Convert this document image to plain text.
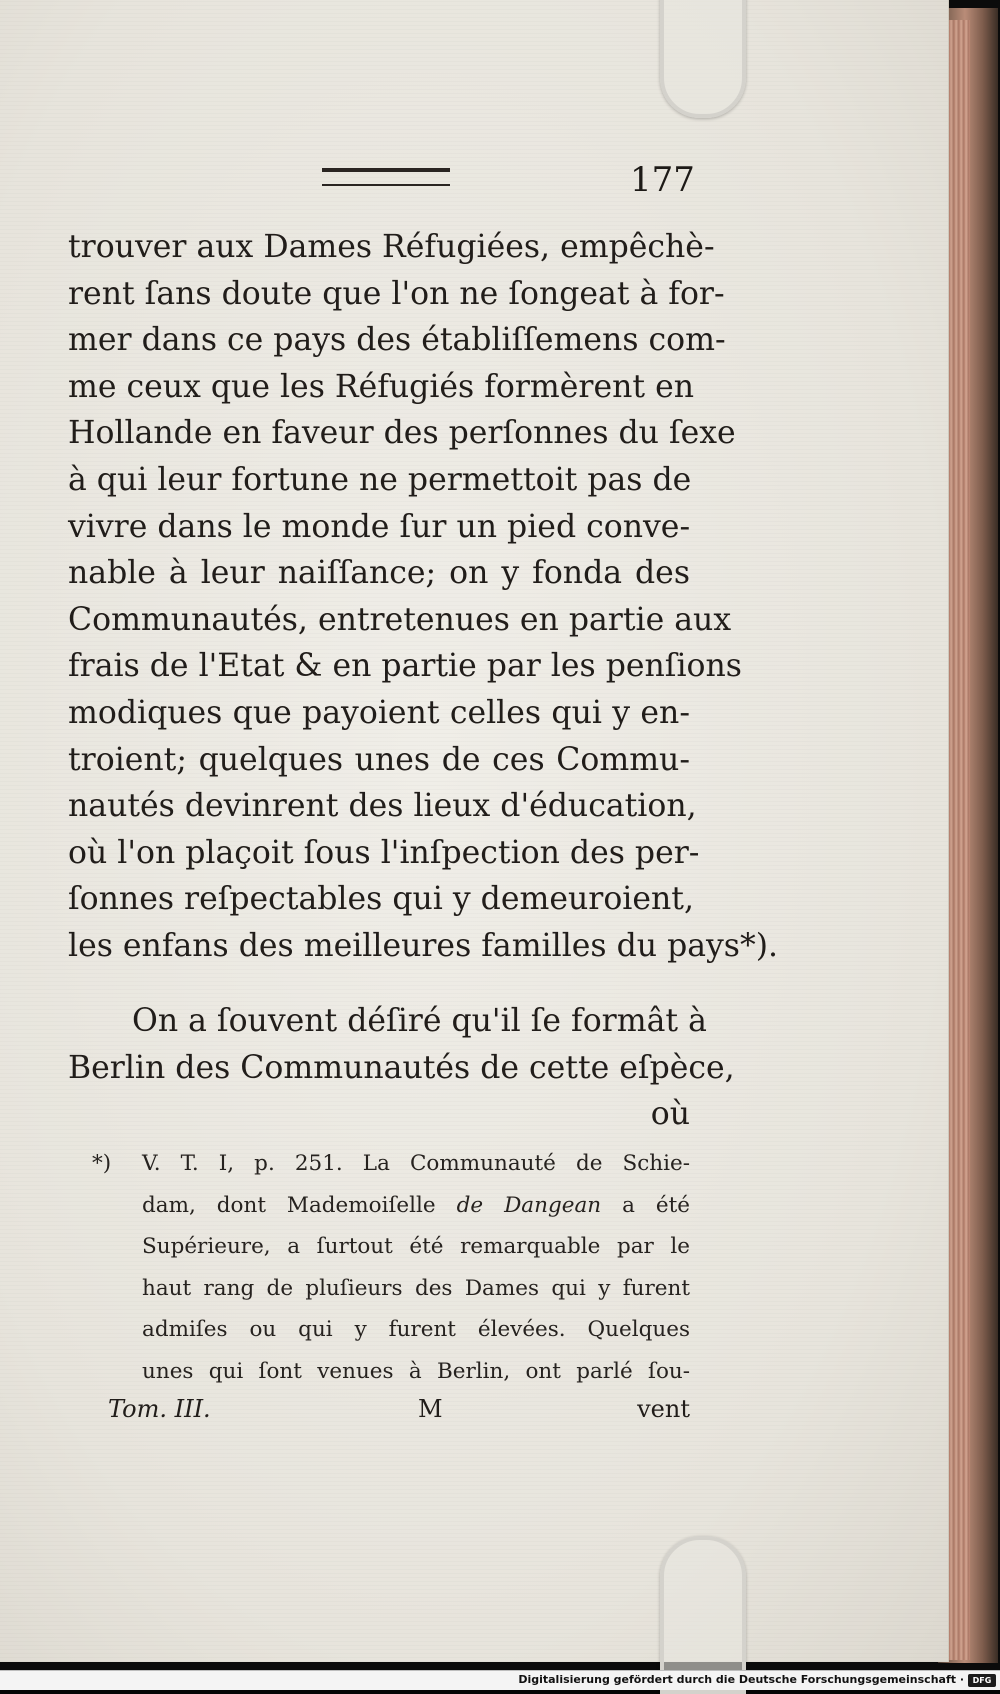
177
trouver aux Dames Réfugiées, empêchè-
rent ſans doute que l'on ne ſongeat à for-
mer dans ce pays des établiſſemens com-
me ceux que les Réfugiés formèrent en
Hollande en faveur des perſonnes du ſexe
à qui leur fortune ne permettoit pas de
vivre dans le monde ſur un pied conve-
nable à leur naiſſance; on y fonda des
Communautés, entretenues en partie aux
frais de l'Etat & en partie par les penſions
modiques que payoient celles qui y en-
troient; quelques unes de ces Commu-
nautés devinrent des lieux d'éducation,
où l'on plaçoit ſous l'inſpection des per-
ſonnes reſpectables qui y demeuroient,
les enfans des meilleures familles du pays*).
On a ſouvent déſiré qu'il ſe formât à
Berlin des Communautés de cette eſpèce,
où
*) V. T. I, p. 251. La Communauté de Schie-
dam, dont Mademoiſelle de Dangean a été
Supérieure, a ſurtout été remarquable par le
haut rang de pluſieurs des Dames qui y furent
admiſes ou qui y furent élevées. Quelques
unes qui ſont venues à Berlin, ont parlé ſou-
Tom. III.	M	vent
Digitalisierung gefördert durch die Deutsche Forschungsgemeinschaft ·	DFG
